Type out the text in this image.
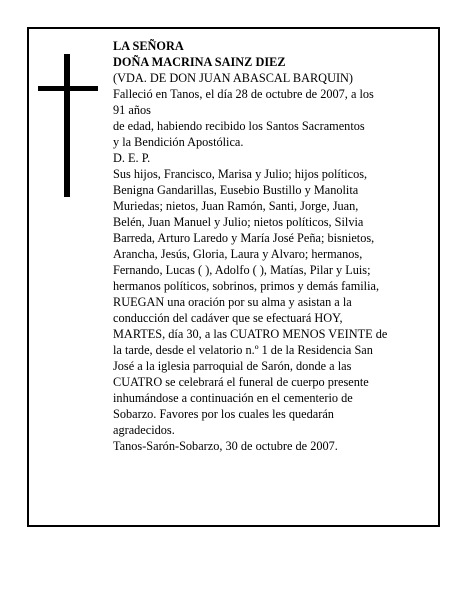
LA SEÑORA
DOÑA MACRINA SAINZ DIEZ
(VDA. DE DON JUAN ABASCAL BARQUIN)
Falleció en Tanos, el día 28 de octubre de 2007, a los
91 años
de edad, habiendo recibido los Santos Sacramentos
y la Bendición Apostólica.
D. E. P.
Sus hijos, Francisco, Marisa y Julio; hijos políticos,
Benigna Gandarillas, Eusebio Bustillo y Manolita
Muriedas; nietos, Juan Ramón, Santi, Jorge, Juan,
Belén, Juan Manuel y Julio; nietos políticos, Silvia
Barreda, Arturo Laredo y María José Peña; bisnietos,
Arancha, Jesús, Gloria, Laura y Alvaro; hermanos,
Fernando, Lucas ( ), Adolfo ( ), Matías, Pilar y Luis;
hermanos políticos, sobrinos, primos y demás familia,
RUEGAN una oración por su alma y asistan a la
conducción del cadáver que se efectuará HOY,
MARTES, día 30, a las CUATRO MENOS VEINTE de
la tarde, desde el velatorio n.º 1 de la Residencia San
José a la iglesia parroquial de Sarón, donde a las
CUATRO se celebrará el funeral de cuerpo presente
inhumándose a continuación en el cementerio de
Sobarzo. Favores por los cuales les quedarán
agradecidos.
Tanos-Sarón-Sobarzo, 30 de octubre de 2007.
